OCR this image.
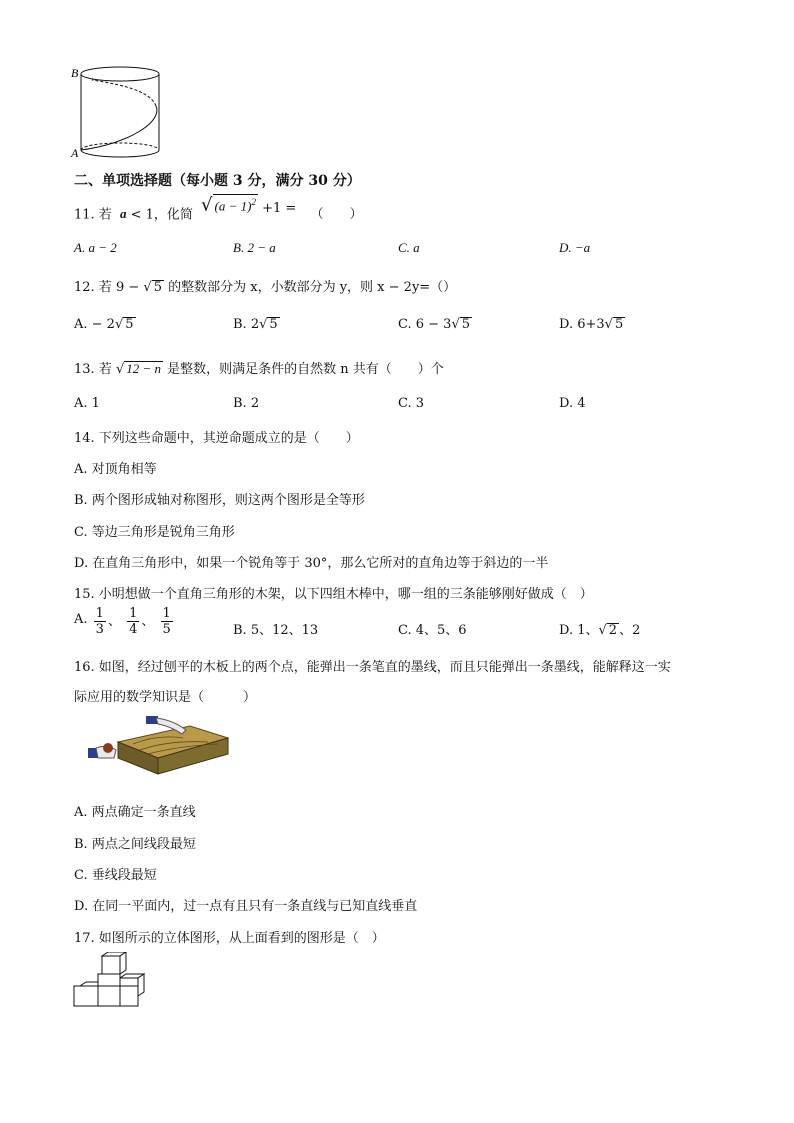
B
A
二、单项选择题（每小题 3 分，满分 30 分）
11. 若 a < 1，化简 √ $(a - 1)^2 +1$ = （　　）
A. a − 2	B. 2 − a	C. a	D. −a
12. 若 9 − √ 5 的整数部分为 x，小数部分为 y，则 x − 2y=（）
A. − 2√ 5	B. 2√ 5	C. 6 − 3√ 5	D. 6+3√ 5
13. 若 √ 12 − n 是整数，则满足条件的自然数 n 共有（　　）个
A. 1	B. 2	C. 3	D. 4
14. 下列这些命题中，其逆命题成立的是（　　）
A. 对顶角相等
B. 两个图形成轴对称图形，则这两个图形是全等形
C. 等边三角形是锐角三角形
D. 在直角三角形中，如果一个锐角等于 30°，那么它所对的直角边等于斜边的一半
15. 小明想做一个直角三角形的木架，以下四组木棒中，哪一组的三条能够刚好做成（　）
A. $\frac{1}{3}$ 、 $\frac{1}{4}$ 、 $\frac{1}{5}$	B. 5、12、13	C. 4、5、6	D. 1、√ 2 、2
16. 如图，经过刨平的木板上的两个点，能弹出一条笔直的墨线，而且只能弹出一条墨线，能解释这一实
际应用的数学知识是（　　　）
A. 两点确定一条直线
B. 两点之间线段最短
C. 垂线段最短
D. 在同一平面内，过一点有且只有一条直线与已知直线垂直
17. 如图所示的立体图形，从上面看到的图形是（　）
